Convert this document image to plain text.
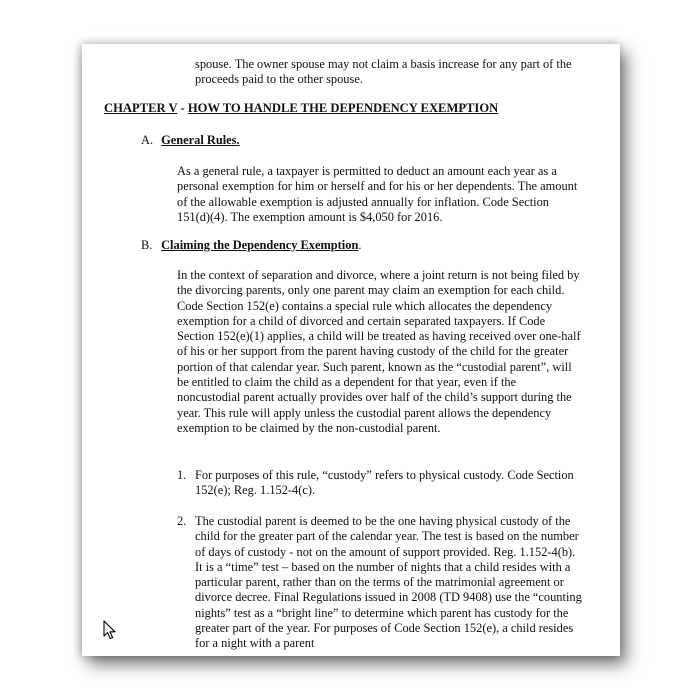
spouse. The owner spouse may not claim a basis increase for any part of the proceeds paid to the other spouse.

CHAPTER V - HOW TO HANDLE THE DEPENDENCY EXEMPTION
A. General Rules.

As a general rule, a taxpayer is permitted to deduct an amount each year as a personal exemption for him or herself and for his or her dependents. The amount of the allowable exemption is adjusted annually for inflation. Code Section 151(d)(4). The exemption amount is $4,050 for 2016.

B. Claiming the Dependency Exemption.

In the context of separation and divorce, where a joint return is not being filed by the divorcing parents, only one parent may claim an exemption for each child. Code Section 152(e) contains a special rule which allocates the dependency exemption for a child of divorced and certain separated taxpayers. If Code Section 152(e)(1) applies, a child will be treated as having received over one-half of his or her support from the parent having custody of the child for the greater portion of that calendar year. Such parent, known as the “custodial parent”, will be entitled to claim the child as a dependent for that year, even if the noncustodial parent actually provides over half of the child’s support during the year. This rule will apply unless the custodial parent allows the dependency exemption to be claimed by the non-custodial parent.

1. For purposes of this rule, “custody” refers to physical custody. Code Section 152(e); Reg. 1.152-4(c).

2. The custodial parent is deemed to be the one having physical custody of the child for the greater part of the calendar year. The test is based on the number of days of custody - not on the amount of support provided. Reg. 1.152-4(b). It is a “time” test – based on the number of nights that a child resides with a particular parent, rather than on the terms of the matrimonial agreement or divorce decree. Final Regulations issued in 2008 (TD 9408) use the “counting nights” test as a “bright line” to determine which parent has custody for the greater part of the year. For purposes of Code Section 152(e), a child resides for a night with a parent
